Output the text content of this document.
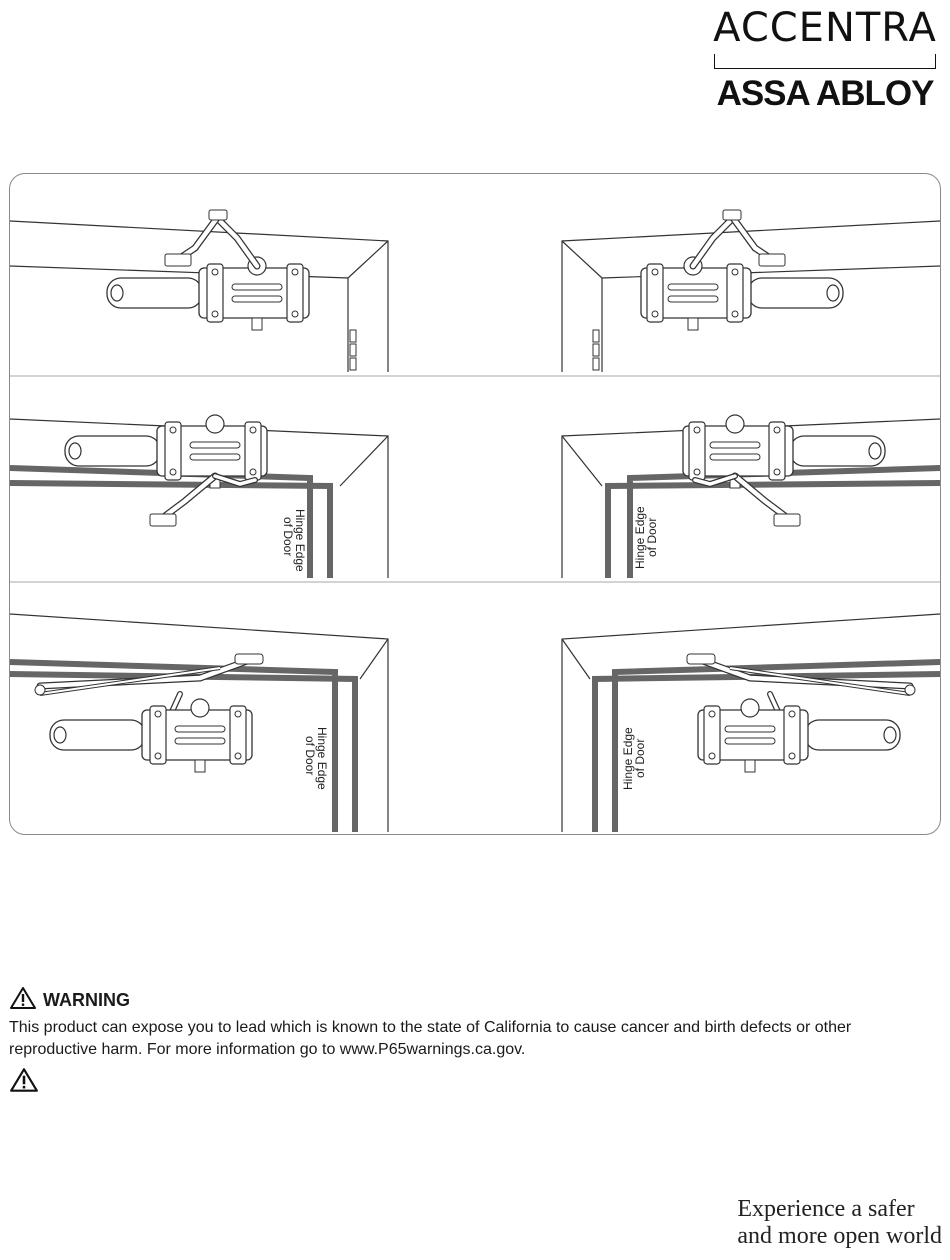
ACCENTRA
ASSA ABLOY
Hinge Edge
of Door	Hinge Edge
of Door
Hinge Edge
of Door	Hinge Edge
of Door
WARNING
This product can expose you to lead which is known to the state of California to cause cancer and birth defects or other reproductive harm. For more information go to www.P65warnings.ca.gov.
Experience a safer
and more open world
